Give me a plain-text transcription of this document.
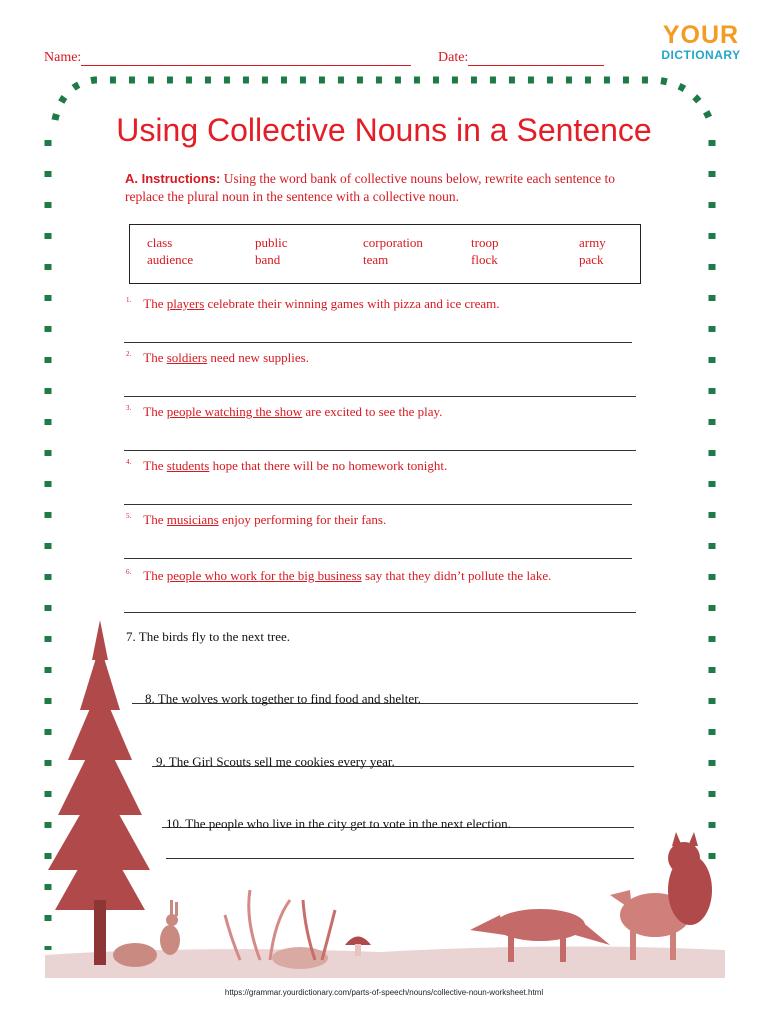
Name:	Date:
YOUR
DICTIONARY
Using Collective Nouns in a Sentence
A. Instructions: Using the word bank of collective nouns below, rewrite each sentence to replace the plural noun in the sentence with a collective noun.
class
audience
public
band
corporation
team
troop
flock
army
pack
$^{1.}$ The players celebrate their winning games with pizza and ice cream.
$^{2.}$ The soldiers need new supplies.
$^{3.}$ The people watching the show are excited to see the play.
$^{4.}$ The students hope that there will be no homework tonight.
$^{5.}$ The musicians enjoy performing for their fans.
$^{6.}$ The people who work for the big business say that they didn’t pollute the lake.
7. The birds fly to the next tree.
8. The wolves work together to find food and shelter.
9. The Girl Scouts sell me cookies every year.
10. The people who live in the city get to vote in the next election.
https://grammar.yourdictionary.com/parts-of-speech/nouns/collective-noun-worksheet.html
